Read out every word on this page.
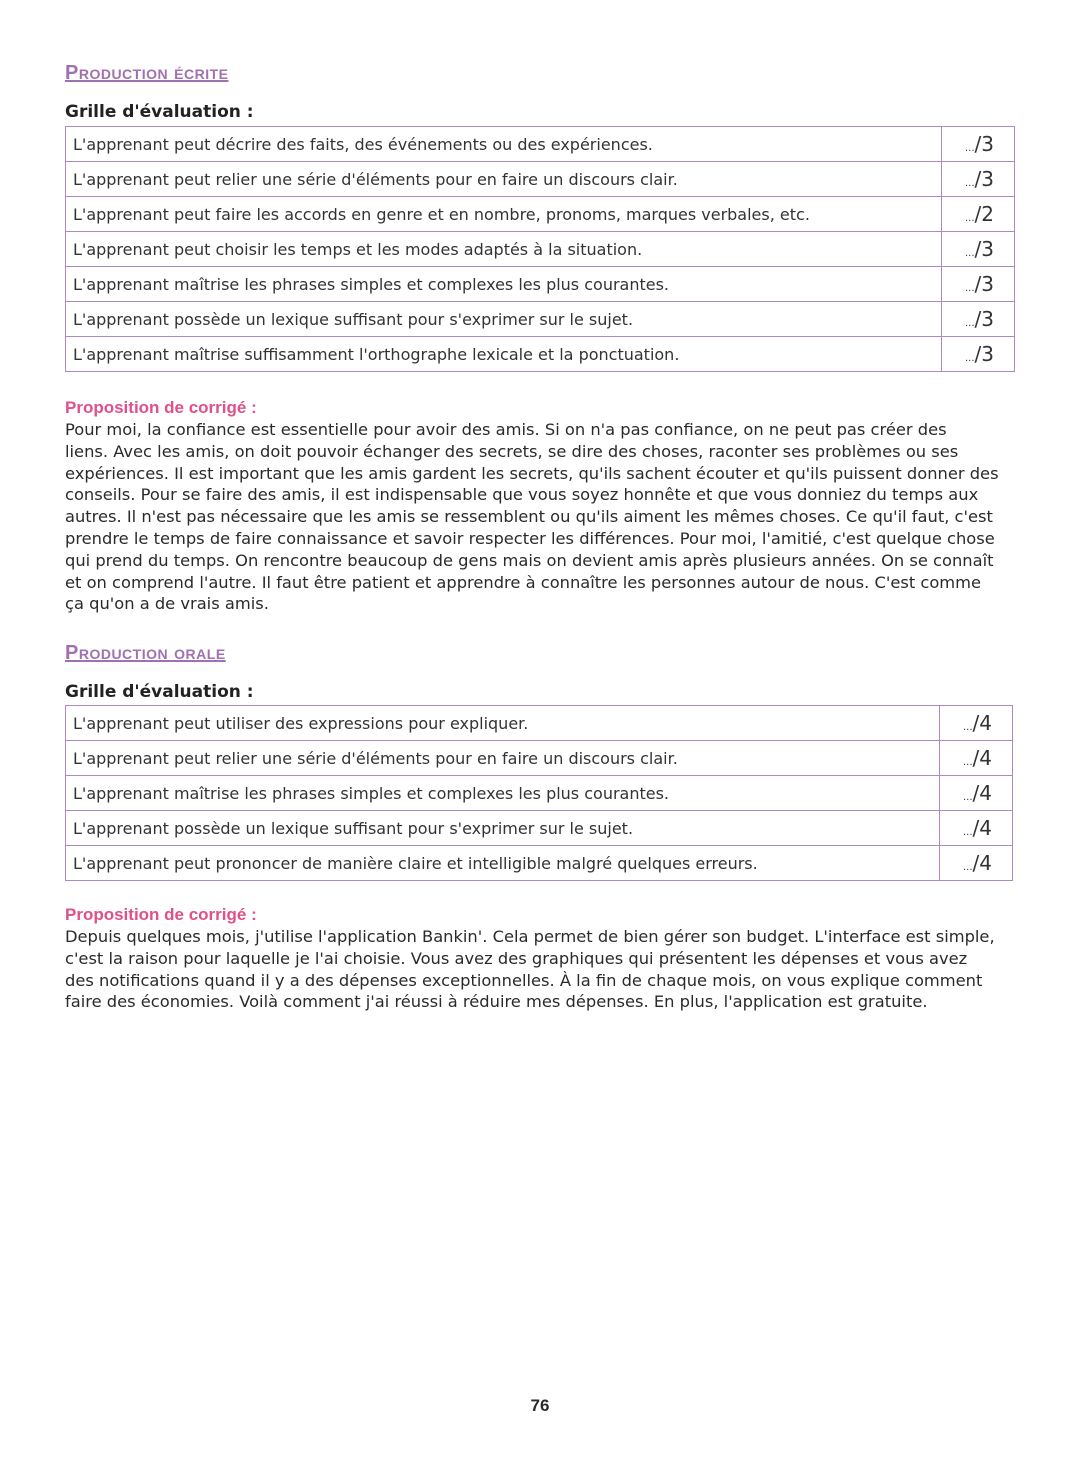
Production écrite
Grille d'évaluation :
L'apprenant peut décrire des faits, des événements ou des expériences.	.../3
L'apprenant peut relier une série d'éléments pour en faire un discours clair.	.../3
L'apprenant peut faire les accords en genre et en nombre, pronoms, marques verbales, etc.	.../2
L'apprenant peut choisir les temps et les modes adaptés à la situation.	.../3
L'apprenant maîtrise les phrases simples et complexes les plus courantes.	.../3
L'apprenant possède un lexique suffisant pour s'exprimer sur le sujet.	.../3
L'apprenant maîtrise suffisamment l'orthographe lexicale et la ponctuation.	.../3
Proposition de corrigé :
Pour moi, la confiance est essentielle pour avoir des amis. Si on n'a pas confiance, on ne peut pas créer des
liens. Avec les amis, on doit pouvoir échanger des secrets, se dire des choses, raconter ses problèmes ou ses
expériences. Il est important que les amis gardent les secrets, qu'ils sachent écouter et qu'ils puissent donner des
conseils. Pour se faire des amis, il est indispensable que vous soyez honnête et que vous donniez du temps aux
autres. Il n'est pas nécessaire que les amis se ressemblent ou qu'ils aiment les mêmes choses. Ce qu'il faut, c'est
prendre le temps de faire connaissance et savoir respecter les différences. Pour moi, l'amitié, c'est quelque chose
qui prend du temps. On rencontre beaucoup de gens mais on devient amis après plusieurs années. On se connaît
et on comprend l'autre. Il faut être patient et apprendre à connaître les personnes autour de nous. C'est comme
ça qu'on a de vrais amis.
Production orale
Grille d'évaluation :
L'apprenant peut utiliser des expressions pour expliquer.	.../4
L'apprenant peut relier une série d'éléments pour en faire un discours clair.	.../4
L'apprenant maîtrise les phrases simples et complexes les plus courantes.	.../4
L'apprenant possède un lexique suffisant pour s'exprimer sur le sujet.	.../4
L'apprenant peut prononcer de manière claire et intelligible malgré quelques erreurs.	.../4
Proposition de corrigé :
Depuis quelques mois, j'utilise l'application Bankin'. Cela permet de bien gérer son budget. L'interface est simple,
c'est la raison pour laquelle je l'ai choisie. Vous avez des graphiques qui présentent les dépenses et vous avez
des notifications quand il y a des dépenses exceptionnelles. À la fin de chaque mois, on vous explique comment
faire des économies. Voilà comment j'ai réussi à réduire mes dépenses. En plus, l'application est gratuite.
76
